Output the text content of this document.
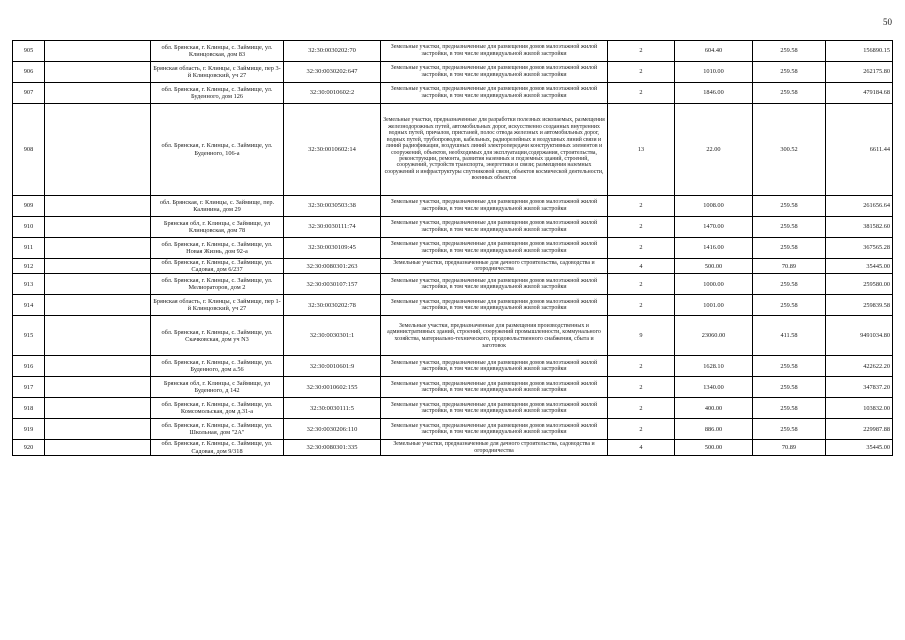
50
905		обл. Брянская, г. Клинцы, с. Займище, ул. Клинцовская, дом 83	32:30:0030202:70	Земельные участки, предназначенные для размещения домов малоэтажной жилой застройки, в том числе индивидуальной жилой застройки	2	604.40	259.58	156890.15
906		Брянская область, г. Клинцы, с Займище, пер 3-й Клинцовский, уч 27	32:30:0030202:647	Земельные участки, предназначенные для размещения домов малоэтажной жилой застройки, в том числе индивидуальной жилой застройки	2	1010.00	259.58	262175.80
907		обл. Брянская, г. Клинцы, с. Займище, ул. Буденного, дом 126	32:30:0010602:2	Земельные участки, предназначенные для размещения домов малоэтажной жилой застройки, в том числе индивидуальной жилой застройки	2	1846.00	259.58	479184.68
908		обл. Брянская, г. Клинцы, с. Займище, ул. Буденного, 106-а	32:30:0010602:14	Земельные участки, предназначенные для разработки полезных ископаемых, размещения железнодорожных путей, автомобильных дорог, искусственно созданных внутренних водных путей, причалов, пристаней, полос отвода железных и автомобильных дорог, водных путей, трубопроводов, кабельных, радиорелейных и воздушных линий связи и линий радиофикации, воздушных линий электропередачи конструктивных элементов и сооружений, объектов, необходимых для эксплуатации,содержания, строительства, реконструкции, ремонта, развития наземных и подземных зданий, строений, сооружений, устройств транспорта, энергетики и связи; размещения наземных сооружений и инфраструктуры спутниковой связи, объектов космической деятельности, военных объектов	13	22.00	300.52	6611.44
909		обл. Брянская, г. Клинцы, с. Займище, пер. Калинина, дом 29	32:30:0030503:38	Земельные участки, предназначенные для размещения домов малоэтажной жилой застройки, в том числе индивидуальной жилой застройки	2	1008.00	259.58	261656.64
910		Брянская обл, г. Клинцы, с Займище, ул Клинцовская, дом 78	32:30:0030111:74	Земельные участки, предназначенные для размещения домов малоэтажной жилой застройки, в том числе индивидуальной жилой застройки	2	1470.00	259.58	381582.60
911		обл. Брянская, г. Клинцы, с. Займище, ул. Новая Жизнь, дом 92-а	32:30:0030109:45	Земельные участки, предназначенные для размещения домов малоэтажной жилой застройки, в том числе индивидуальной жилой застройки	2	1416.00	259.58	367565.28
912		обл. Брянская, г. Клинцы, с. Займище, ул. Садовая, дом 6/237	32:30:0080301:263	Земельные участки, предназначенные для дачного строительства, садоводства и огородничества	4	500.00	70.89	35445.00
913		обл. Брянская, г. Клинцы, с. Займище, ул. Мелиораторов, дом 2	32:30:0030107:157	Земельные участки, предназначенные для размещения домов малоэтажной жилой застройки, в том числе индивидуальной жилой застройки	2	1000.00	259.58	259580.00
914		Брянская область, г. Клинцы, с Займище, пер 1-й Клинцовский, уч 27	32:30:0030202:78	Земельные участки, предназначенные для размещения домов малоэтажной жилой застройки, в том числе индивидуальной жилой застройки	2	1001.00	259.58	259839.58
915		обл. Брянская, г. Клинцы, с. Займище, ул. Скачковская, дом уч N3	32:30:0030301:1	Земельные участки, предназначенные для размещения производственных и административных зданий, строений, сооружений промышленности, коммунального хозяйства, материально-технического, продовольственного снабжения, сбыта и заготовок	9	23060.00	411.58	9491034.80
916		обл. Брянская, г. Клинцы, с. Займище, ул. Буденного, дом а.56	32:30:0010601:9	Земельные участки, предназначенные для размещения домов малоэтажной жилой застройки, в том числе индивидуальной жилой застройки	2	1628.10	259.58	422622.20
917		Брянская обл, г. Клинцы, с Займище, ул Буденного, д 142	32:30:0010602:155	Земельные участки, предназначенные для размещения домов малоэтажной жилой застройки, в том числе индивидуальной жилой застройки	2	1340.00	259.58	347837.20
918		обл. Брянская, г. Клинцы, с. Займище, ул. Комсомольская, дом д.31-а	32:30:0030111:5	Земельные участки, предназначенные для размещения домов малоэтажной жилой застройки, в том числе индивидуальной жилой застройки	2	400.00	259.58	103832.00
919		обл. Брянская, г. Клинцы, с. Займище, ул. Школьная, дом "2А"	32:30:0030206:110	Земельные участки, предназначенные для размещения домов малоэтажной жилой застройки, в том числе индивидуальной жилой застройки	2	886.00	259.58	229987.88
920		обл. Брянская, г. Клинцы, с. Займище, ул. Садовая, дом 9/318	32:30:0080301:335	Земельные участки, предназначенные для дачного строительства, садоводства и огородничества	4	500.00	70.89	35445.00
